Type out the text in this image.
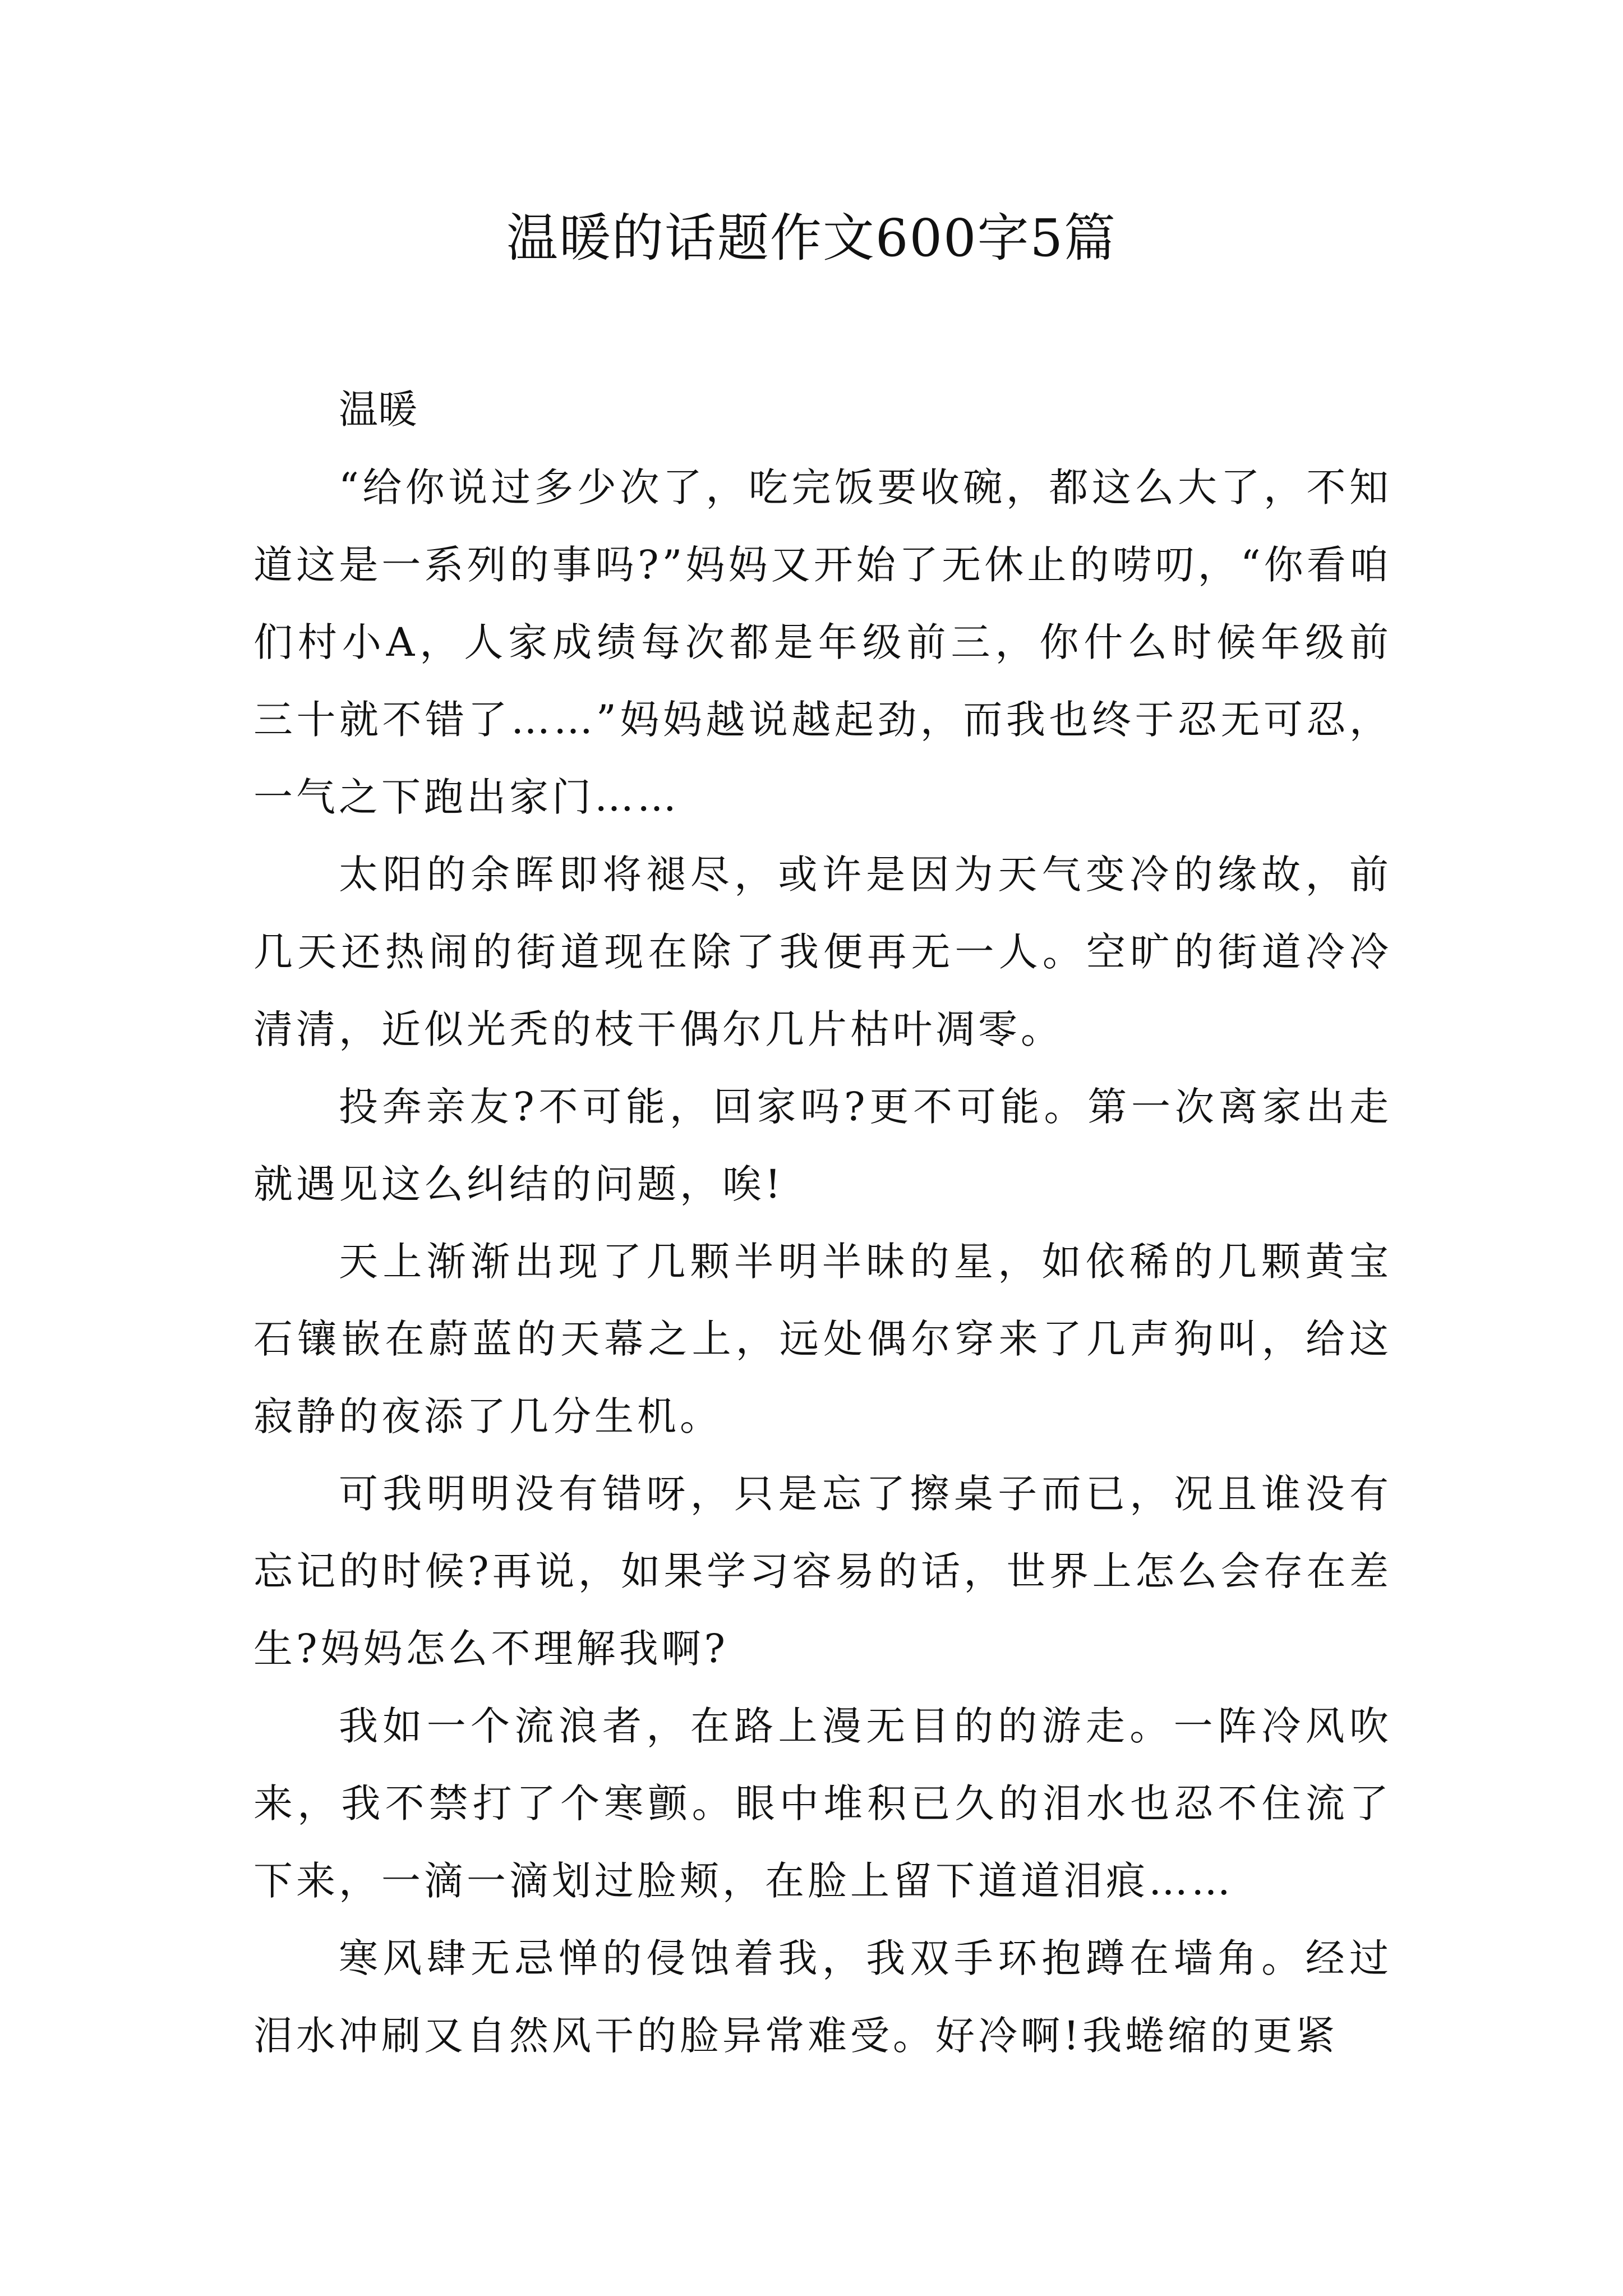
温暖的话题作文600字5篇

温暖

“给你说过多少次了，吃完饭要收碗，都这么大了，不知道这是一系列的事吗?”妈妈又开始了无休止的唠叨，“你看咱们村小A，人家成绩每次都是年级前三，你什么时候年级前三十就不错了……”妈妈越说越起劲，而我也终于忍无可忍，一气之下跑出家门……

太阳的余晖即将褪尽，或许是因为天气变冷的缘故，前几天还热闹的街道现在除了我便再无一人。空旷的街道冷冷清清，近似光秃的枝干偶尔几片枯叶凋零。

投奔亲友?不可能，回家吗?更不可能。第一次离家出走就遇见这么纠结的问题，唉!

天上渐渐出现了几颗半明半昧的星，如依稀的几颗黄宝石镶嵌在蔚蓝的天幕之上，远处偶尔穿来了几声狗叫，给这寂静的夜添了几分生机。

可我明明没有错呀，只是忘了擦桌子而已，况且谁没有忘记的时候?再说，如果学习容易的话，世界上怎么会存在差生?妈妈怎么不理解我啊?

我如一个流浪者，在路上漫无目的的游走。一阵冷风吹来，我不禁打了个寒颤。眼中堆积已久的泪水也忍不住流了下来，一滴一滴划过脸颊，在脸上留下道道泪痕……

寒风肆无忌惮的侵蚀着我，我双手环抱蹲在墙角。经过泪水冲刷又自然风干的脸异常难受。好冷啊!我蜷缩的更紧
